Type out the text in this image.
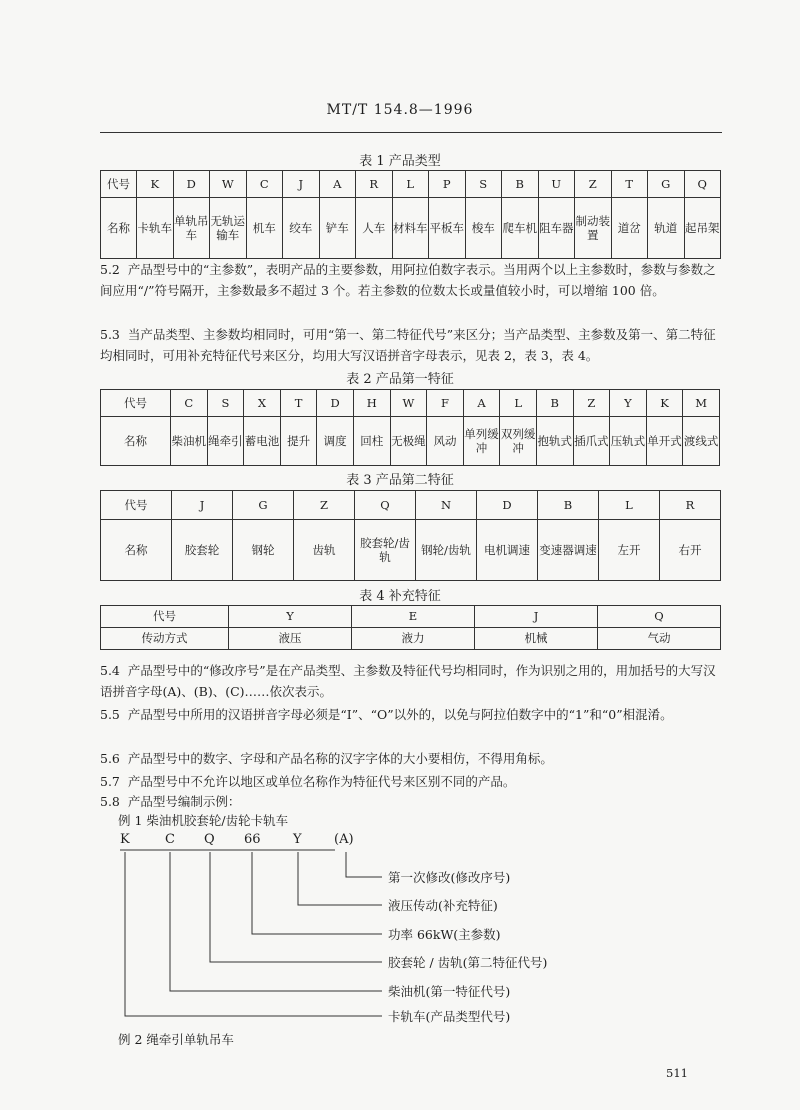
MT/T 154.8—1996
表 1 产品类型
代号	K	D	W	C	J	A	R	L	P	S	B	U	Z	T	G	Q
名称	卡轨车	单轨吊车	无轨运输车	机车	绞车	铲车	人车	材料车	平板车	梭车	爬车机	阻车器	制动装置	道岔	轨道	起吊架
5.2 产品型号中的“主参数”，表明产品的主要参数，用阿拉伯数字表示。当用两个以上主参数时，参数与参数之间应用“/”符号隔开，主参数最多不超过 3 个。若主参数的位数太长或量值较小时，可以增缩 100 倍。
5.3 当产品类型、主参数均相同时，可用“第一、第二特征代号”来区分；当产品类型、主参数及第一、第二特征均相同时，可用补充特征代号来区分，均用大写汉语拼音字母表示，见表 2，表 3，表 4。
表 2 产品第一特征
代号	C	S	X	T	D	H	W	F	A	L	B	Z	Y	K	M
名称	柴油机	绳牵引	蓄电池	提升	调度	回柱	无极绳	风动	单列缓冲	双列缓冲	抱轨式	插爪式	压轨式	单开式	渡线式
表 3 产品第二特征
代号	J	G	Z	Q	N	D	B	L	R
名称	胶套轮	钢轮	齿轨	胶套轮/齿轨	钢轮/齿轨	电机调速	变速器调速	左开	右开
表 4 补充特征
代号	Y	E	J	Q
传动方式	液压	液力	机械	气动
5.4 产品型号中的“修改序号”是在产品类型、主参数及特征代号均相同时，作为识别之用的，用加括号的大写汉语拼音字母(A)、(B)、(C)……依次表示。
5.5 产品型号中所用的汉语拼音字母必须是“I”、“O”以外的，以免与阿拉伯数字中的“1”和“0”相混淆。
5.6 产品型号中的数字、字母和产品名称的汉字字体的大小要相仿，不得用角标。
5.7 产品型号中不允许以地区或单位名称作为特征代号来区别不同的产品。
5.8 产品型号编制示例：
例 1 柴油机胶套轮/齿轮卡轨车
K	C Q 66 Y (A)
第一次修改(修改序号)
液压传动(补充特征)
功率 66kW(主参数)
胶套轮 / 齿轨(第二特征代号)
柴油机(第一特征代号)
卡轨车(产品类型代号)
例 2 绳牵引单轨吊车
511
